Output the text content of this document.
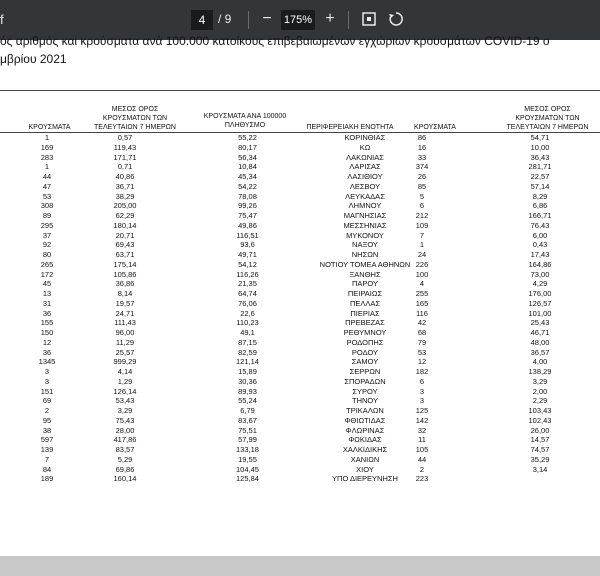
f	4	/ 9	−	175% +
ός αριθμός και κρούσματα ανά 100.000 κατοίκους επιβεβαιωμένων εγχώριων κρουσμάτων COVID-19 ο
μβρίου 2021
ΚΡΟΥΣΜΑΤΑ
ΜΕΣΟΣ ΟΡΟΣ
ΚΡΟΥΣΜΑΤΩΝ ΤΩΝ
ΤΕΛΕΥΤΑΙΩΝ 7 ΗΜΕΡΩΝ
ΚΡΟΥΣΜΑΤΑ ΑΝΑ 100000
ΠΛΗΘΥΣΜΟ	ΠΕΡΙΦΕΡΕΙΑΚΗ ΕΝΟΤΗΤΑ	ΚΡΟΥΣΜΑΤΑ
ΜΕΣΟΣ ΟΡΟΣ
ΚΡΟΥΣΜΑΤΩΝ ΤΩΝ
ΤΕΛΕΥΤΑΙΩΝ 7 ΗΜΕΡΩΝ
1	0,57	55,22	ΚΟΡΙΝΘΙΑΣ	86	54,71
169	119,43	80,17	ΚΩ	16	10,00
283	171,71	56,34	ΛΑΚΩΝΙΑΣ	33	36,43
1	0,71	10,84	ΛΑΡΙΣΑΣ	374	281,71
44	40,86	45,34	ΛΑΣΙΘΙΟΥ	26	22,57
47	36,71	54,22	ΛΕΣΒΟΥ	85	57,14
53	38,29	78,08	ΛΕΥΚΑΔΑΣ	5	8,29
308	205,00	99,26	ΛΗΜΝΟΥ	6	6,86
89	62,29	75,47	ΜΑΓΝΗΣΙΑΣ	212	166,71
295	180,14	49,86	ΜΕΣΣΗΝΙΑΣ	109	76,43
37	20,71	116,51	ΜΥΚΟΝΟΥ	7	6,00
92	69,43	93,6	ΝΑΞΟΥ	1	0,43
80	63,71	49,71	ΝΗΣΩΝ	24	17,43
265	175,14	54,12	ΝΟΤΙΟΥ ΤΟΜΕΑ ΑΘΗΝΩΝ 226	164,86
172	105,86	116,26	ΞΑΝΘΗΣ	100	73,00
45	36,86	21,35	ΠΑΡΟΥ	4	4,29
13	8,14	64,74	ΠΕΙΡΑΙΩΣ	255	176,00
31	19,57	76,06	ΠΕΛΛΑΣ	165	126,57
36	24,71	22,6	ΠΙΕΡΙΑΣ	116	101,00
155	111,43	110,23	ΠΡΕΒΕΖΑΣ	42	25,43
150	96,00	49,1	ΡΕΘΥΜΝΟΥ	68	46,71
12	11,29	87,15	ΡΟΔΟΠΗΣ	79	48,00
36	25,57	82,59	ΡΟΔΟΥ	53	36,57
1345	999,29	121,14	ΣΑΜΟΥ	12	4,00
3	4,14	15,89	ΣΕΡΡΩΝ	182	138,29
3	1,29	30,36	ΣΠΟΡΑΔΩΝ	6	3,29
151	126,14	89,93	ΣΥΡΟΥ	3	2,00
69	53,43	55,24	ΤΗΝΟΥ	3	2,29
2	3,29	6,79	ΤΡΙΚΑΛΩΝ	125	103,43
95	75,43	83,67	ΦΘΙΩΤΙΔΑΣ	142	102,43
38	28,00	75,51	ΦΛΩΡΙΝΑΣ	32	26,00
597	417,86	57,99	ΦΩΚΙΔΑΣ	11	14,57
139	83,57	133,18	ΧΑΛΚΙΔΙΚΗΣ	105	74,57
7	5,29	19,55	ΧΑΝΙΩΝ	44	35,29
84	69,86	104,45	ΧΙΟΥ	2	3,14
189	160,14	125,84	ΥΠΟ ΔΙΕΡΕΥΝΗΣΗ	223
